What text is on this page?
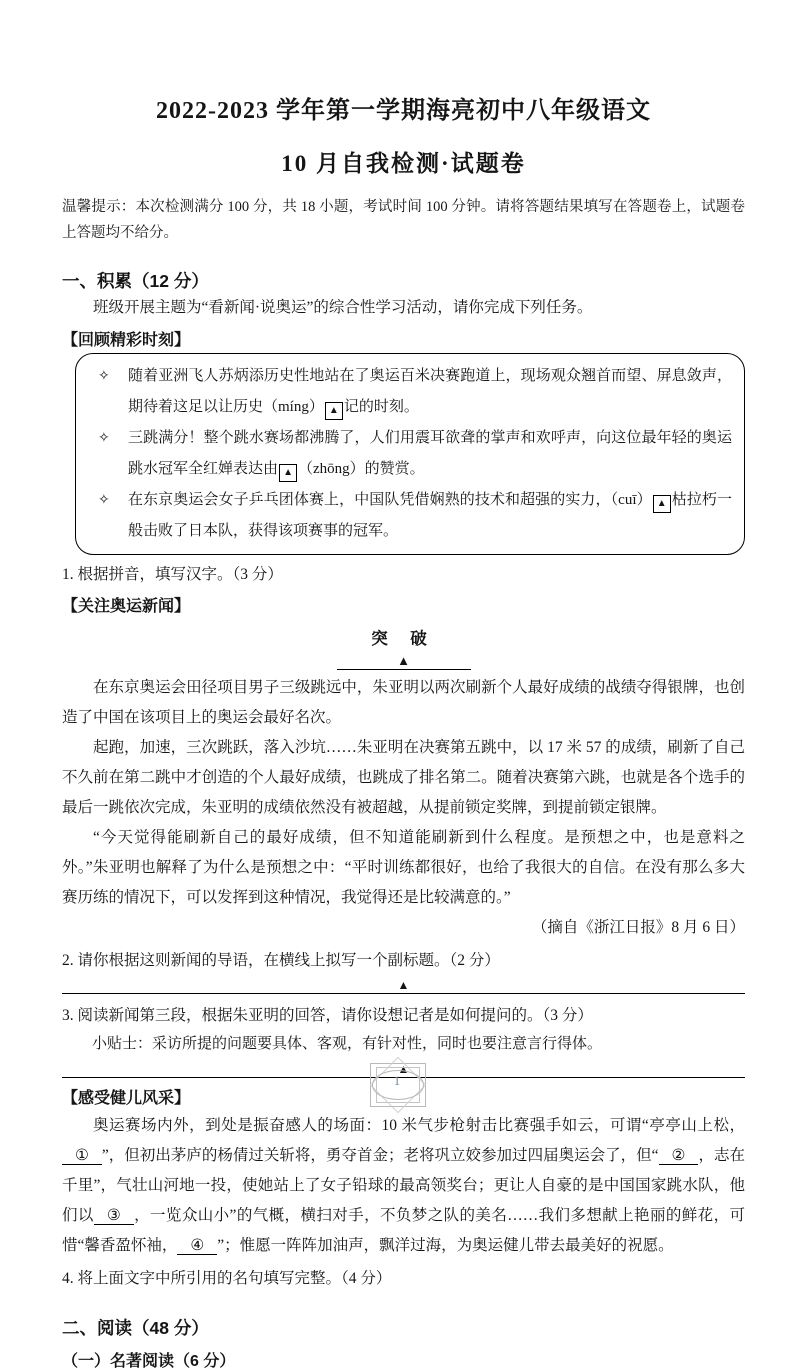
2022-2023 学年第一学期海亮初中八年级语文
10 月自我检测·试题卷

温馨提示：本次检测满分 100 分，共 18 小题，考试时间 100 分钟。请将答题结果填写在答题卷上，试题卷上答题均不给分。

一、积累（12 分）

班级开展主题为“看新闻·说奥运”的综合性学习活动，请你完成下列任务。

【回顾精彩时刻】

✧	随着亚洲飞人苏炳添历史性地站在了奥运百米决赛跑道上，现场观众翘首而望、屏息敛声，期待着这足以让历史（míng） ▲ 记的时刻。
✧	三跳满分！整个跳水赛场都沸腾了，人们用震耳欲聋的掌声和欢呼声，向这位最年轻的奥运跳水冠军全红婵表达由 ▲ （zhōng）的赞赏。
✧	在东京奥运会女子乒乓团体赛上，中国队凭借娴熟的技术和超强的实力，（cuī） ▲ 枯拉朽一般击败了日本队，获得该项赛事的冠军。

1. 根据拼音，填写汉字。（3 分）

【关注奥运新闻】

突 破

▲

在东京奥运会田径项目男子三级跳远中，朱亚明以两次刷新个人最好成绩的战绩夺得银牌，也创造了中国在该项目上的奥运会最好名次。

起跑，加速，三次跳跃，落入沙坑……朱亚明在决赛第五跳中，以 17 米 57 的成绩，刷新了自己不久前在第二跳中才创造的个人最好成绩，也跳成了排名第二。随着决赛第六跳，也就是各个选手的最后一跳依次完成，朱亚明的成绩依然没有被超越，从提前锁定奖牌，到提前锁定银牌。

“今天觉得能刷新自己的最好成绩，但不知道能刷新到什么程度。是预想之中，也是意料之外。”朱亚明也解释了为什么是预想之中：“平时训练都很好，也给了我很大的自信。在没有那么多大赛历练的情况下，可以发挥到这种情况，我觉得还是比较满意的。”

（摘自《浙江日报》8 月 6 日）

2. 请你根据这则新闻的导语，在横线上拟写一个副标题。（2 分）

▲

3. 阅读新闻第三段，根据朱亚明的回答，请你设想记者是如何提问的。（3 分）

小贴士：采访所提的问题要具体、客观，有针对性，同时也要注意言行得体。

▲

【感受健儿风采】

奥运赛场内外，到处是振奋感人的场面：10 米气步枪射击比赛强手如云，可谓“亭亭山上松，① ”，但初出茅庐的杨倩过关斩将，勇夺首金；老将巩立姣参加过四届奥运会了，但“ ② ，志在千里”，气壮山河地一投，使她站上了女子铅球的最高领奖台；更让人自豪的是中国国家跳水队，他们以 ③ ，一览众山小”的气概，横扫对手，不负梦之队的美名……我们多想献上艳丽的鲜花，可惜“馨香盈怀袖， ④ ”；惟愿一阵阵加油声，飘洋过海，为奥运健儿带去最美好的祝愿。

4. 将上面文字中所引用的名句填写完整。（4 分）

二、阅读（48 分）
（一）名著阅读（6 分）
1
